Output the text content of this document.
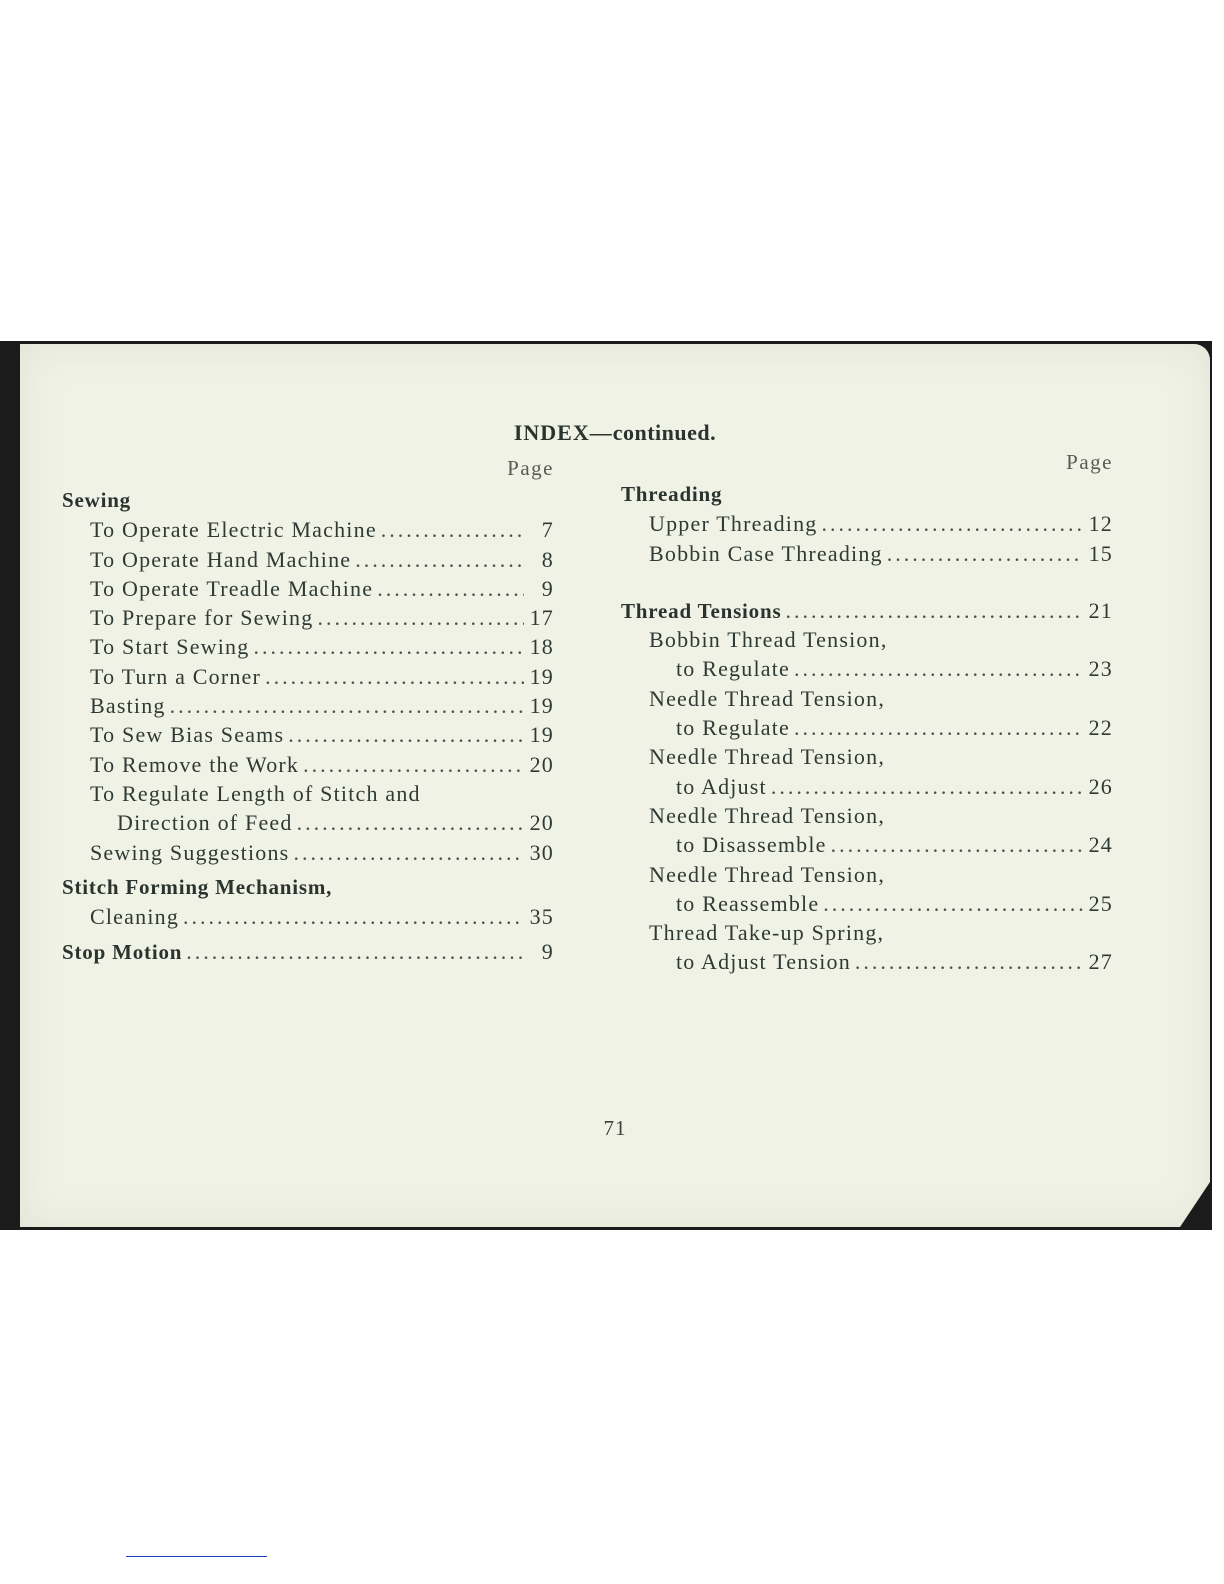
INDEX—continued.
Page
Sewing
To Operate Electric Machine .....	7
To Operate Hand Machine .....	8
To Operate Treadle Machine .....	9
To Prepare for Sewing .....	17
To Start Sewing .....	18
To Turn a Corner .....	19
Basting .....	19
To Sew Bias Seams .....	19
To Remove the Work .....	20
To Regulate Length of Stitch and
Direction of Feed .....	20
Sewing Suggestions .....	30
Stitch Forming Mechanism,
Cleaning .....	35
Stop Motion .....	9
Page
Threading
Upper Threading .....	12
Bobbin Case Threading .....	15
Thread Tensions .....	21
Bobbin Thread Tension,
to Regulate .....	23
Needle Thread Tension,
to Regulate .....	22
Needle Thread Tension,
to Adjust .....	26
Needle Thread Tension,
to Disassemble .....	24
Needle Thread Tension,
to Reassemble .....	25
Thread Take-up Spring,
to Adjust Tension .....	27
71
